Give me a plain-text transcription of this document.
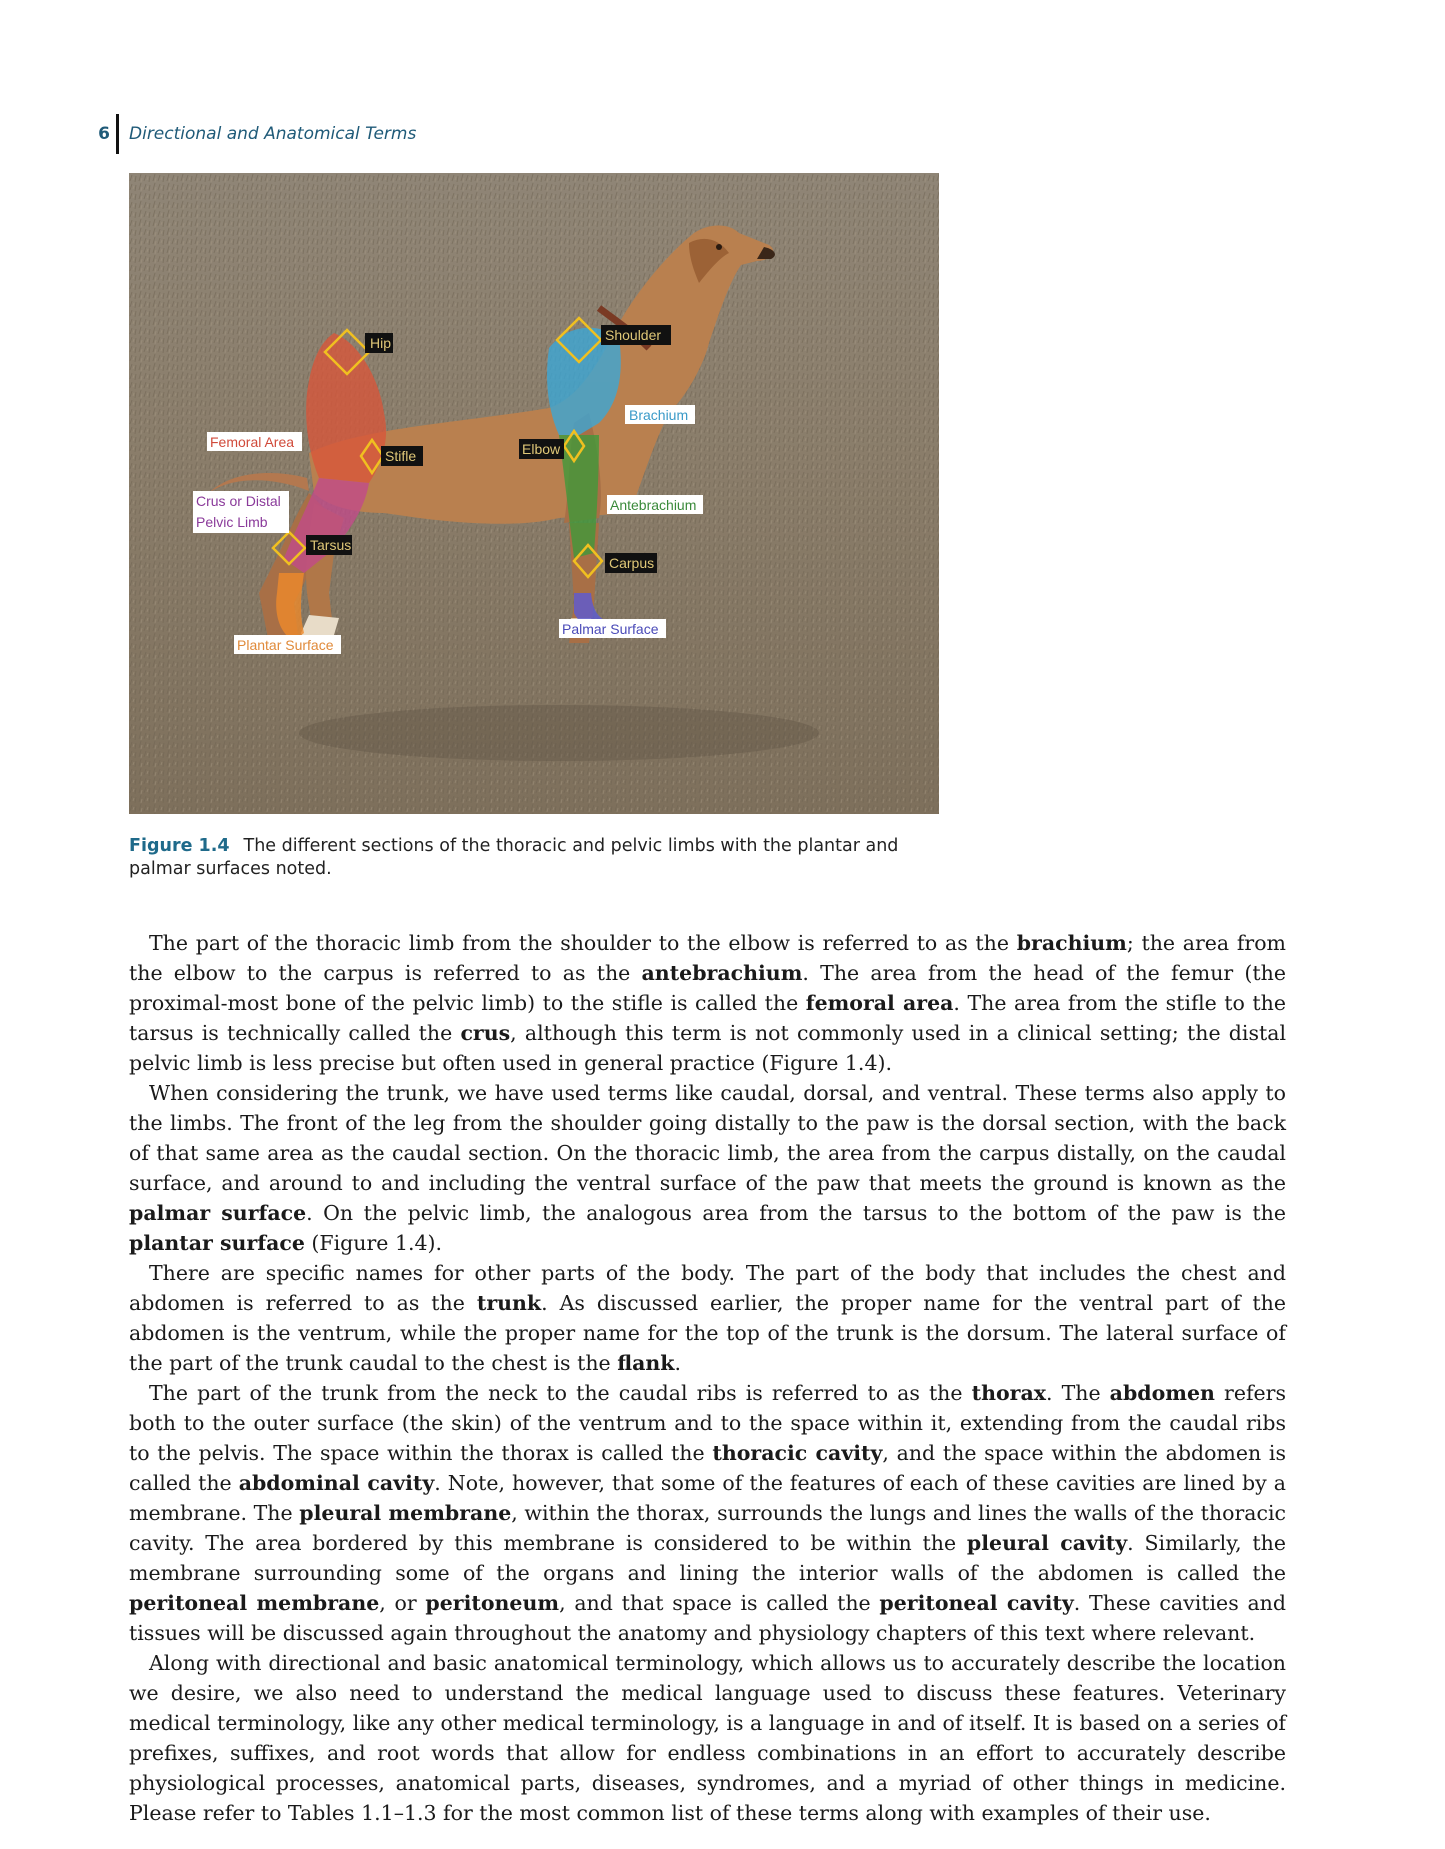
6 Directional and Anatomical Terms
Hip	Shoulder
Brachium
Femoral Area
Stifle	Elbow
Crus or Distal
Pelvic Limb
Antebrachium
Tarsus
Carpus
Palmar Surface
Plantar Surface
Figure 1.4 The different sections of the thoracic and pelvic limbs with the plantar and palmar surfaces noted.

The part of the thoracic limb from the shoulder to the elbow is referred to as the brachium; the area from the elbow to the carpus is referred to as the antebrachium. The area from the head of the femur (the proximal-most bone of the pelvic limb) to the stifle is called the femoral area. The area from the stifle to the tarsus is technically called the crus, although this term is not commonly used in a clinical setting; the distal pelvic limb is less precise but often used in general practice (Figure 1.4).

When considering the trunk, we have used terms like caudal, dorsal, and ventral. These terms also apply to the limbs. The front of the leg from the shoulder going distally to the paw is the dorsal section, with the back of that same area as the caudal section. On the thoracic limb, the area from the carpus distally, on the caudal surface, and around to and including the ventral surface of the paw that meets the ground is known as the palmar surface. On the pelvic limb, the analogous area from the tarsus to the bottom of the paw is the plantar surface (Figure 1.4).

There are specific names for other parts of the body. The part of the body that includes the chest and abdomen is referred to as the trunk. As discussed earlier, the proper name for the ventral part of the abdomen is the ventrum, while the proper name for the top of the trunk is the dorsum. The lateral surface of the part of the trunk caudal to the chest is the flank.

The part of the trunk from the neck to the caudal ribs is referred to as the thorax. The abdomen refers both to the outer surface (the skin) of the ventrum and to the space within it, extending from the caudal ribs to the pelvis. The space within the thorax is called the thoracic cavity, and the space within the abdomen is called the abdominal cavity. Note, however, that some of the features of each of these cavities are lined by a membrane. The pleural membrane, within the thorax, surrounds the lungs and lines the walls of the thoracic cavity. The area bordered by this membrane is considered to be within the pleural cavity. Similarly, the membrane surrounding some of the organs and lining the interior walls of the abdomen is called the peritoneal membrane, or peritoneum, and that space is called the peritoneal cavity. These cavities and tissues will be discussed again throughout the anatomy and physiology chapters of this text where relevant.

Along with directional and basic anatomical terminology, which allows us to accurately describe the location we desire, we also need to understand the medical language used to discuss these features. Veterinary medical terminology, like any other medical terminology, is a language in and of itself. It is based on a series of prefixes, suffixes, and root words that allow for endless combinations in an effort to accurately describe physiological processes, anatomical parts, diseases, syndromes, and a myriad of other things in medicine. Please refer to Tables 1.1–1.3 for the most common list of these terms along with examples of their use.
